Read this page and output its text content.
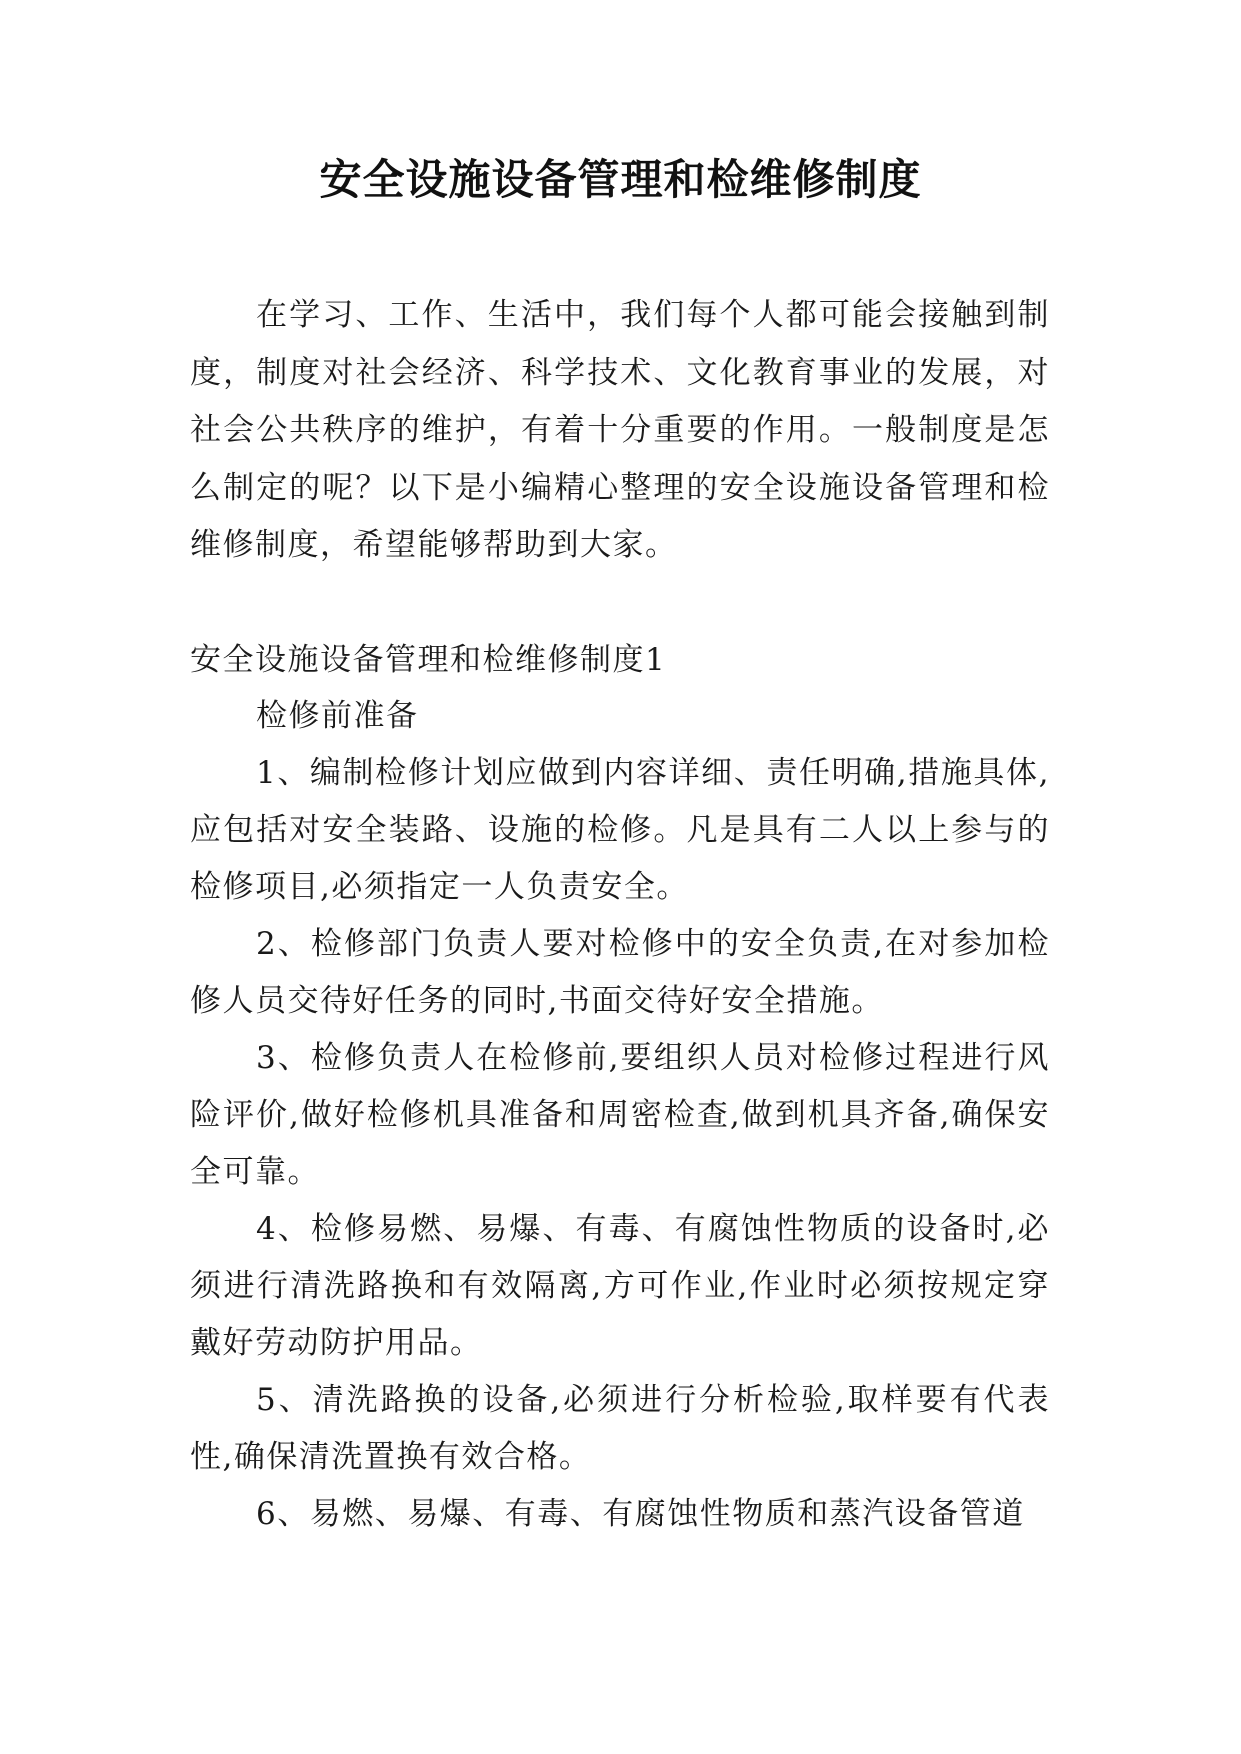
安全设施设备管理和检维修制度

在学习、工作、生活中，我们每个人都可能会接触到制度，制度对社会经济、科学技术、文化教育事业的发展，对社会公共秩序的维护，有着十分重要的作用。一般制度是怎么制定的呢？以下是小编精心整理的安全设施设备管理和检维修制度，希望能够帮助到大家。

安全设施设备管理和检维修制度1

检修前准备

1、编制检修计划应做到内容详细、责任明确,措施具体,应包括对安全装路、设施的检修。凡是具有二人以上参与的检修项目,必须指定一人负责安全。

2、检修部门负责人要对检修中的安全负责,在对参加检修人员交待好任务的同时,书面交待好安全措施。

3、检修负责人在检修前,要组织人员对检修过程进行风险评价,做好检修机具准备和周密检查,做到机具齐备,确保安全可靠。

4、检修易燃、易爆、有毒、有腐蚀性物质的设备时,必须进行清洗路换和有效隔离,方可作业,作业时必须按规定穿戴好劳动防护用品。

5、清洗路换的设备,必须进行分析检验,取样要有代表性,确保清洗置换有效合格。

6、易燃、易爆、有毒、有腐蚀性物质和蒸汽设备管道
